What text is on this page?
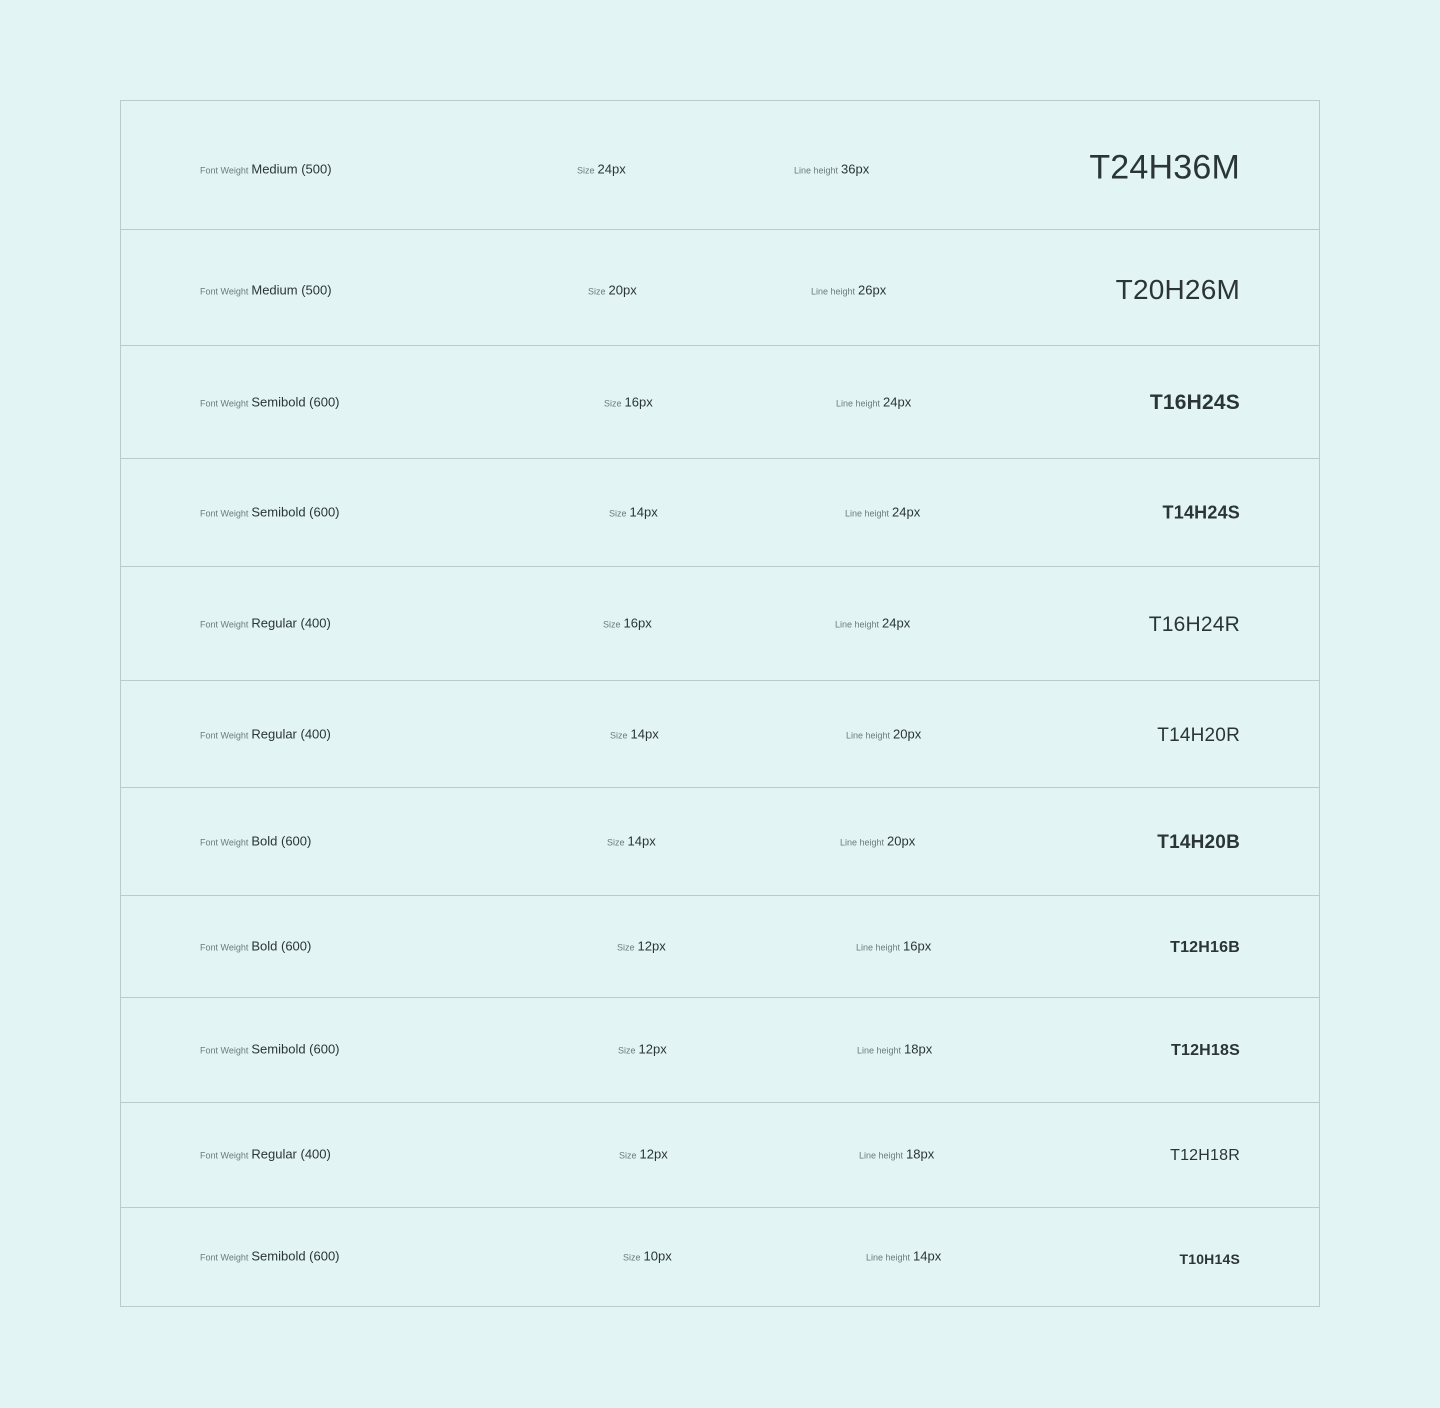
Font Weight Medium (500)	Size 24px	Line height 36px	T24H36M
Font Weight Medium (500)	Size 20px	Line height 26px	T20H26M
Font Weight Semibold (600)	Size 16px	Line height 24px	T16H24S
Font Weight Semibold (600)	Size 14px	Line height 24px	T14H24S
Font Weight Regular (400)	Size 16px	Line height 24px	T16H24R
Font Weight Regular (400)	Size 14px	Line height 20px	T14H20R
Font Weight Bold (600)	Size 14px	Line height 20px	T14H20B
Font Weight Bold (600)	Size 12px	Line height 16px	T12H16B
Font Weight Semibold (600)	Size 12px	Line height 18px	T12H18S
Font Weight Regular (400)	Size 12px	Line height 18px	T12H18R
Font Weight Semibold (600)	Size 10px	Line height 14px	T10H14S
